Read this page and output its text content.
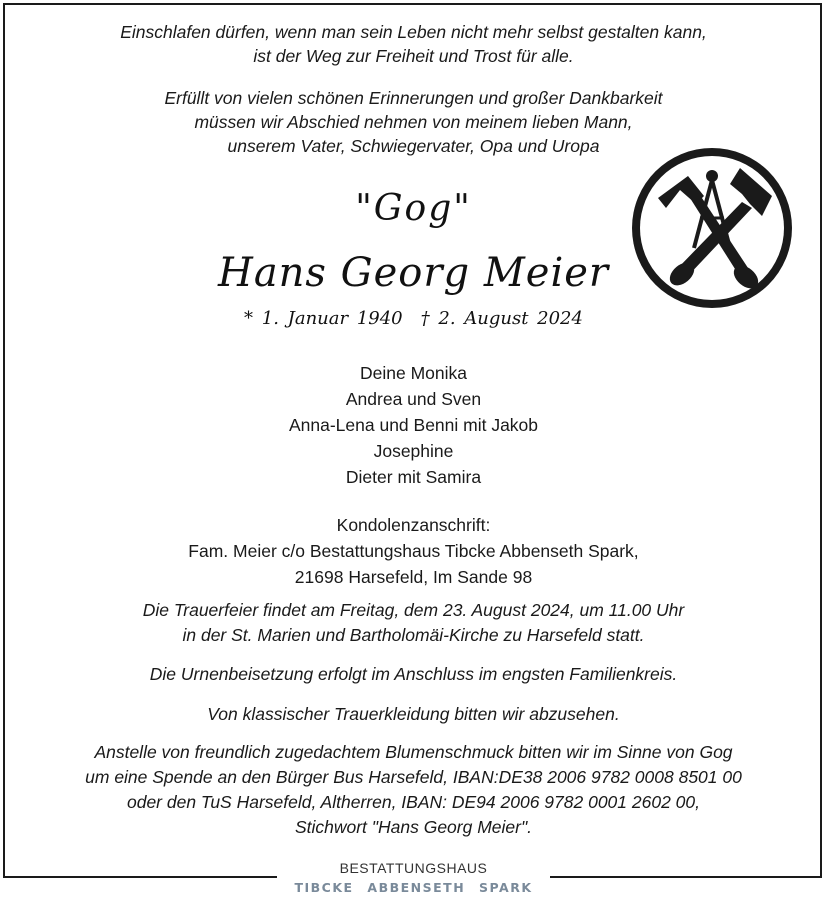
Einschlafen dürfen, wenn man sein Leben nicht mehr selbst gestalten kann,
ist der Weg zur Freiheit und Trost für alle.
Erfüllt von vielen schönen Erinnerungen und großer Dankbarkeit
müssen wir Abschied nehmen von meinem lieben Mann,
unserem Vater, Schwiegervater, Opa und Uropa
"Gog"
Hans Georg Meier
* 1. Januar 1940 † 2. August 2024
Deine Monika
Andrea und Sven
Anna-Lena und Benni mit Jakob
Josephine
Dieter mit Samira
Kondolenzanschrift:
Fam. Meier c/o Bestattungshaus Tibcke Abbenseth Spark,
21698 Harsefeld, Im Sande 98
Die Trauerfeier findet am Freitag, dem 23. August 2024, um 11.00 Uhr
in der St. Marien und Bartholomäi-Kirche zu Harsefeld statt.
Die Urnenbeisetzung erfolgt im Anschluss im engsten Familienkreis.
Von klassischer Trauerkleidung bitten wir abzusehen.
Anstelle von freundlich zugedachtem Blumenschmuck bitten wir im Sinne von Gog
um eine Spende an den Bürger Bus Harsefeld, IBAN:DE38 2006 9782 0008 8501 00
oder den TuS Harsefeld, Altherren, IBAN: DE94 2006 9782 0001 2602 00,
Stichwort "Hans Georg Meier".
BESTATTUNGSHAUS
TIBCKE ABBENSETH SPARK
